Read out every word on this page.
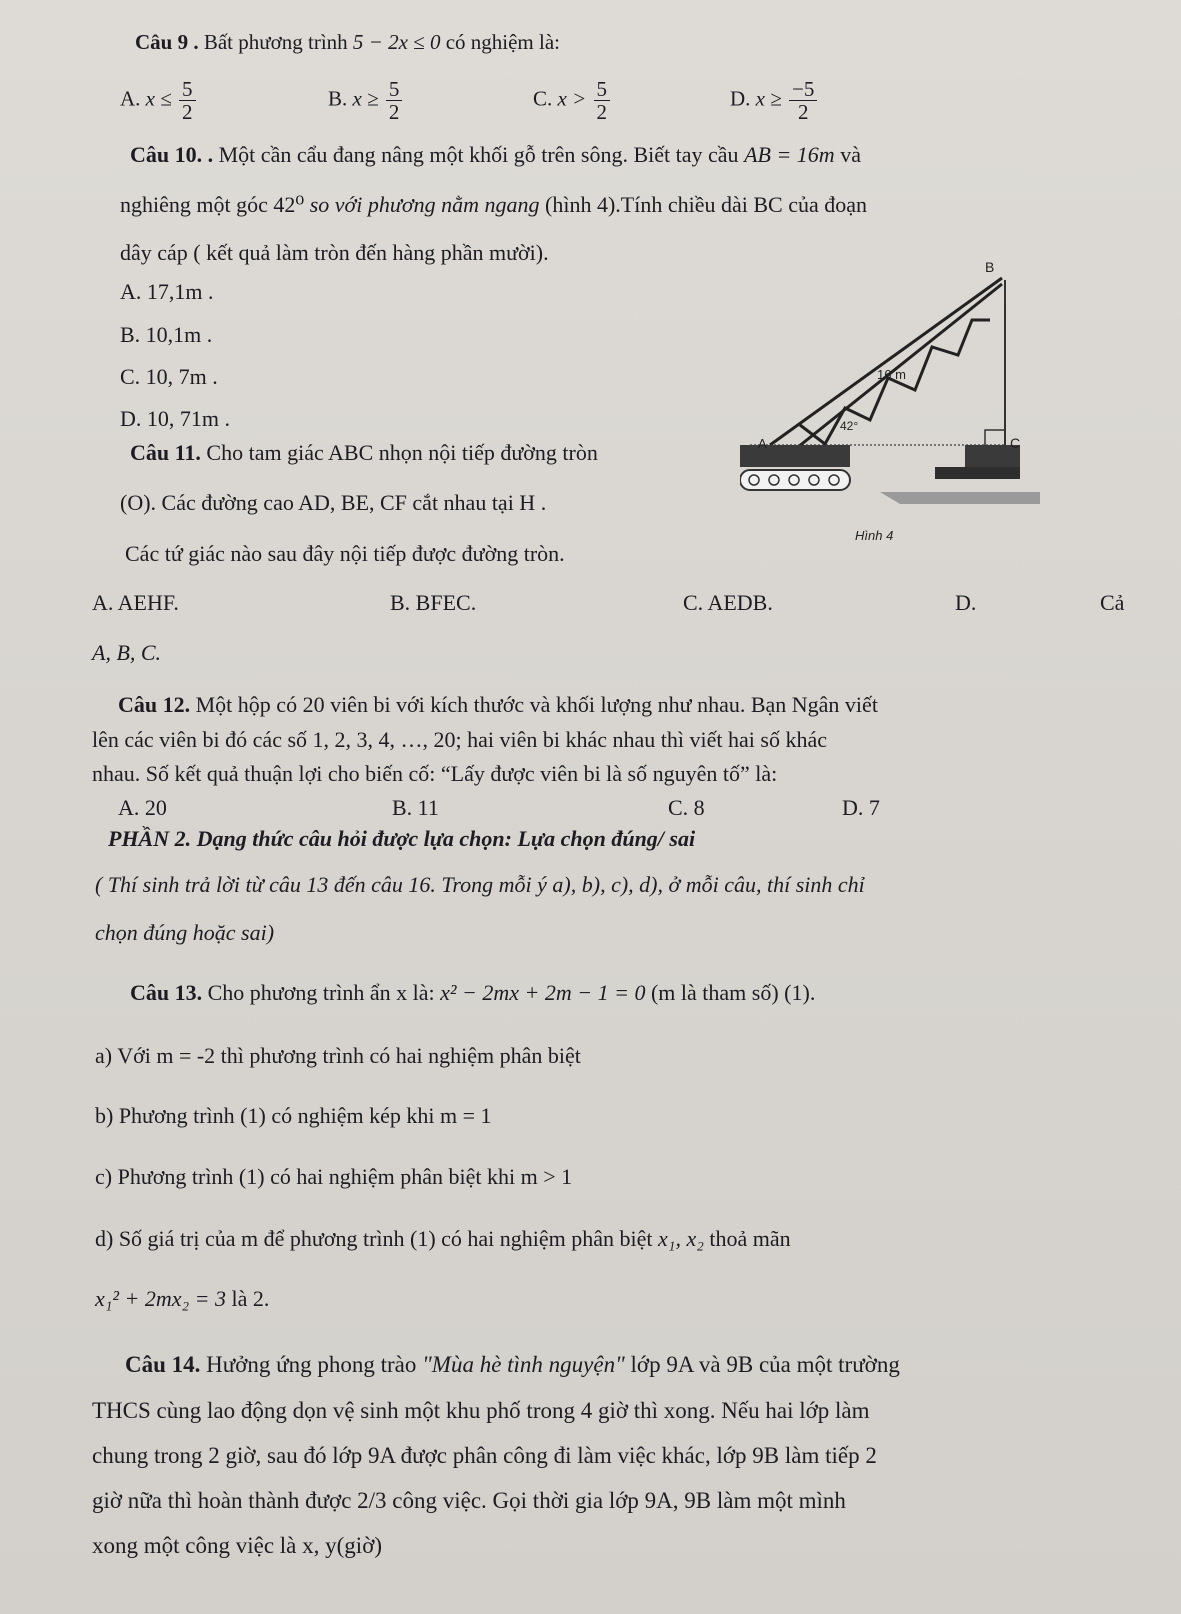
Câu 9 . Bất phương trình 5 − 2x ≤ 0 có nghiệm là:
A. $x \le \frac{5}{2}$	B. $x \ge \frac{5}{2}$	C. $x > \frac{5}{2}$	D. $x \ge \frac{-5}{2}$
Câu 10. . Một cần cẩu đang nâng một khối gỗ trên sông. Biết tay cầu AB = 16m và
nghiêng một góc 42⁰ so với phương nằm ngang (hình 4).Tính chiều dài BC của đoạn
dây cáp ( kết quả làm tròn đến hàng phần mười).
A. 17,1m .
B. 10,1m .
C. 10, 7m .
D. 10, 71m .
B
C
A
16 m
42°
Hình 4
Câu 11. Cho tam giác ABC nhọn nội tiếp đường tròn
(O). Các đường cao AD, BE, CF cắt nhau tại H .
Các tứ giác nào sau đây nội tiếp được đường tròn.
A. AEHF.	B. BFEC.	C. AEDB.	D.	Cả
A, B, C.
Câu 12. Một hộp có 20 viên bi với kích thước và khối lượng như nhau. Bạn Ngân viết
lên các viên bi đó các số 1, 2, 3, 4, …, 20; hai viên bi khác nhau thì viết hai số khác
nhau. Số kết quả thuận lợi cho biến cố: “Lấy được viên bi là số nguyên tố” là:
A. 20	B. 11	C. 8	D. 7
PHẦN 2. Dạng thức câu hỏi được lựa chọn: Lựa chọn đúng/ sai
( Thí sinh trả lời từ câu 13 đến câu 16. Trong mỗi ý a), b), c), d), ở mỗi câu, thí sinh chỉ
chọn đúng hoặc sai)
Câu 13. Cho phương trình ẩn x là: x² − 2mx + 2m − 1 = 0 (m là tham số) (1).
a) Với m = -2 thì phương trình có hai nghiệm phân biệt
b) Phương trình (1) có nghiệm kép khi m = 1
c) Phương trình (1) có hai nghiệm phân biệt khi m > 1
d) Số giá trị của m để phương trình (1) có hai nghiệm phân biệt x₁, x₂ thoả mãn
x₁² + 2mx₂ = 3 là 2.
Câu 14. Hưởng ứng phong trào "Mùa hè tình nguyện" lớp 9A và 9B của một trường
THCS cùng lao động dọn vệ sinh một khu phố trong 4 giờ thì xong. Nếu hai lớp làm
chung trong 2 giờ, sau đó lớp 9A được phân công đi làm việc khác, lớp 9B làm tiếp 2
giờ nữa thì hoàn thành được 2/3 công việc. Gọi thời gia lớp 9A, 9B làm một mình
xong một công việc là x, y(giờ)
